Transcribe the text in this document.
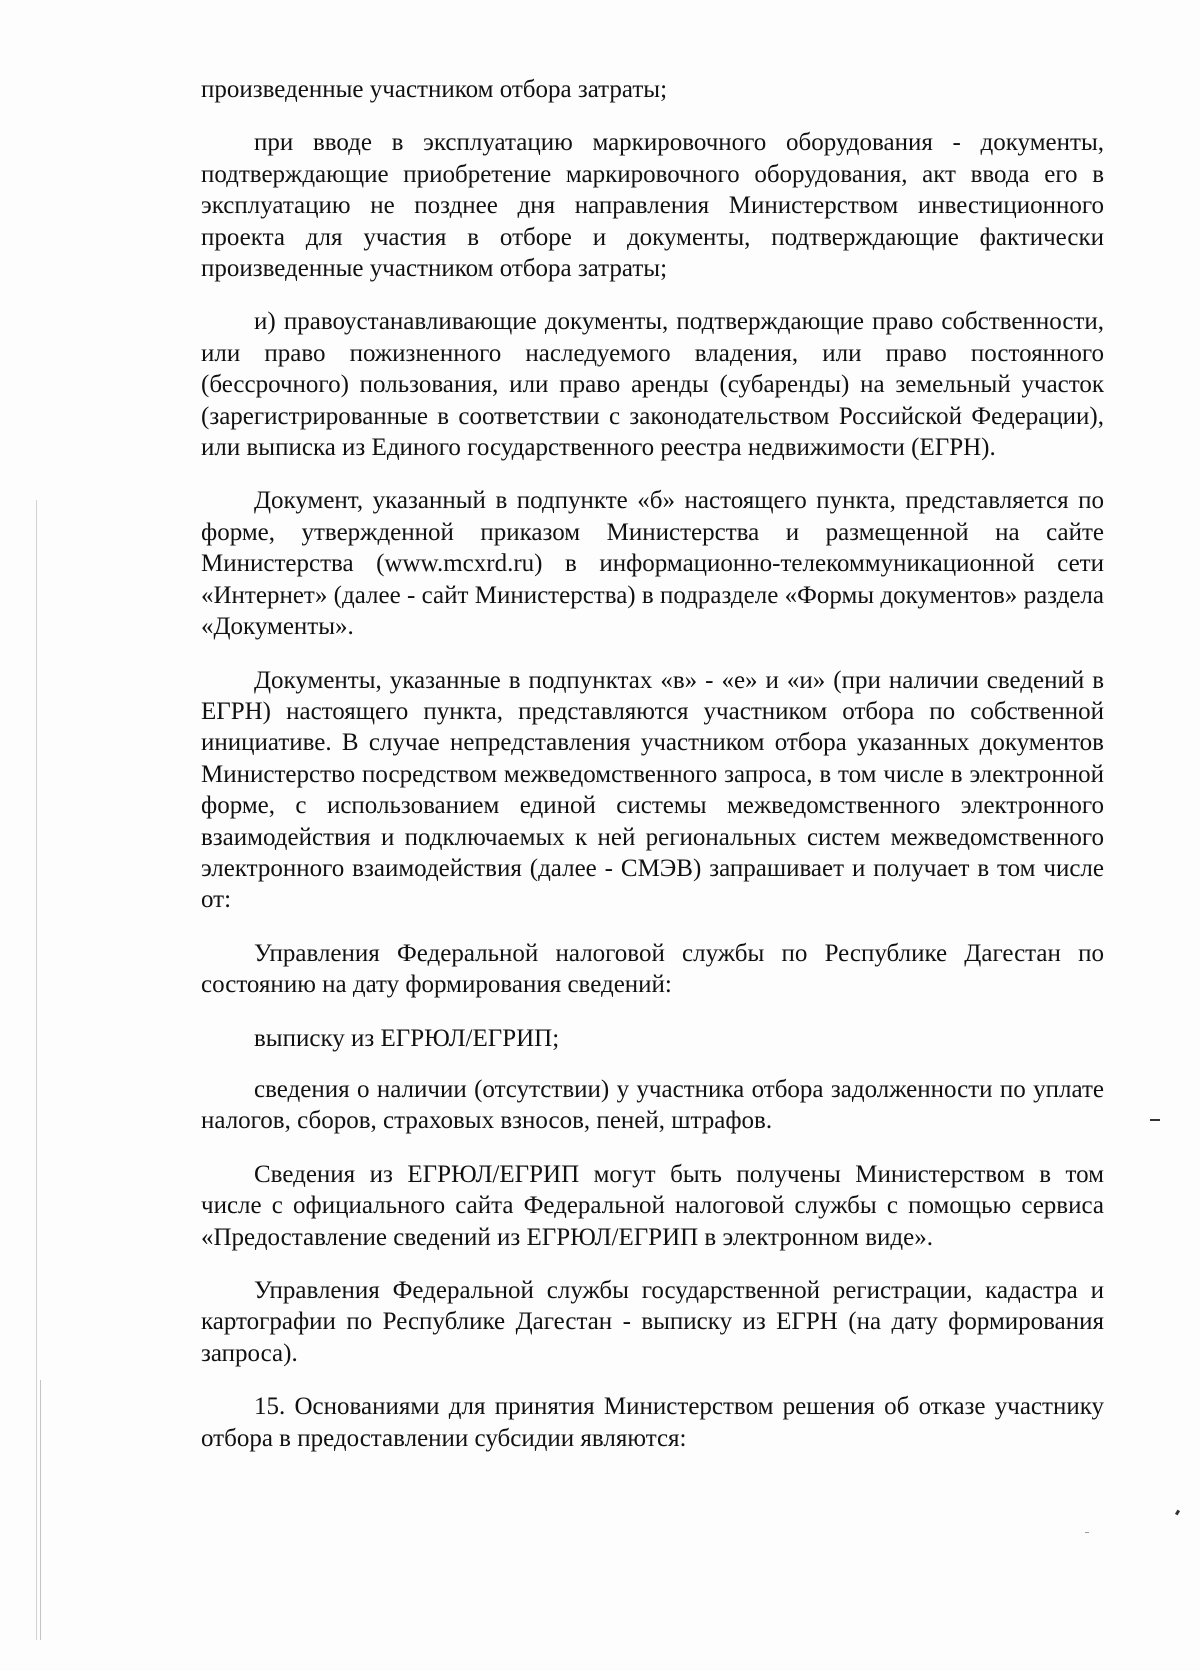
произведенные участником отбора затраты;

при вводе в эксплуатацию маркировочного оборудования - документы, подтверждающие приобретение маркировочного оборудования, акт ввода его в эксплуатацию не позднее дня направления Министерством инвестиционного проекта для участия в отборе и документы, подтверждающие фактически произведенные участником отбора затраты;

и) правоустанавливающие документы, подтверждающие право собственности, или право пожизненного наследуемого владения, или право постоянного (бессрочного) пользования, или право аренды (субаренды) на земельный участок (зарегистрированные в соответствии с законодательством Российской Федерации), или выписка из Единого государственного реестра недвижимости (ЕГРН).

Документ, указанный в подпункте «б» настоящего пункта, представляется по форме, утвержденной приказом Министерства и размещенной на сайте Министерства (www.mcxrd.ru) в информационно-телекоммуникационной сети «Интернет» (далее - сайт Министерства) в подразделе «Формы документов» раздела «Документы».

Документы, указанные в подпунктах «в» - «е» и «и» (при наличии сведений в ЕГРН) настоящего пункта, представляются участником отбора по собственной инициативе. В случае непредставления участником отбора указанных документов Министерство посредством межведомственного запроса, в том числе в электронной форме, с использованием единой системы межведомственного электронного взаимодействия и подключаемых к ней региональных систем межведомственного электронного взаимодействия (далее - СМЭВ) запрашивает и получает в том числе от:

Управления Федеральной налоговой службы по Республике Дагестан по состоянию на дату формирования сведений:

выписку из ЕГРЮЛ/ЕГРИП;

сведения о наличии (отсутствии) у участника отбора задолженности по уплате налогов, сборов, страховых взносов, пеней, штрафов.

Сведения из ЕГРЮЛ/ЕГРИП могут быть получены Министерством в том числе с официального сайта Федеральной налоговой службы с помощью сервиса «Предоставление сведений из ЕГРЮЛ/ЕГРИП в электронном виде».

Управления Федеральной службы государственной регистрации, кадастра и картографии по Республике Дагестан - выписку из ЕГРН (на дату формирования запроса).

15. Основаниями для принятия Министерством решения об отказе участнику отбора в предоставлении субсидии являются:
